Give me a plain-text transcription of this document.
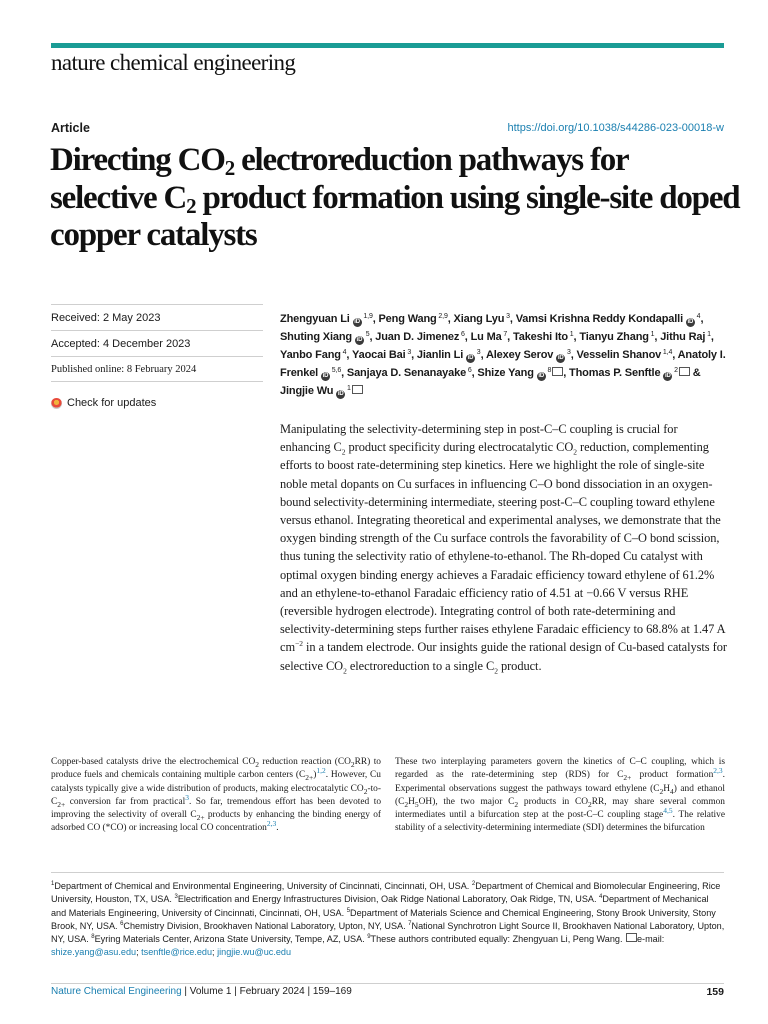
nature chemical engineering
Article	https://doi.org/10.1038/s44286-023-00018-w
Directing $CO_2$ electroreduction pathways for selective $C_2$ product formation using single-site doped copper catalysts
Received: 2 May 2023
Accepted: 4 December 2023
Published online: 8 February 2024
Check for updates
Zhengyuan Li iD $^{1,9}$, Peng Wang $^{2,9}$, Xiang Lyu $^3$, Vamsi Krishna Reddy Kondapalli iD $^4$, Shuting Xiang iD $^5$, Juan D. Jimenez $^6$, Lu Ma $^7$, Takeshi Ito $^1$, Tianyu Zhang $^1$, Jithu Raj $^1$, Yanbo Fang $^4$, Yaocai Bai $^3$, Jianlin Li iD $^3$, Alexey Serov iD $^3$, Vesselin Shanov $^{1,4}$, Anatoly I. Frenkel iD $^{5,6}$, Sanjaya D. Senanayake $^6$, Shize Yang iD $^8$ , Thomas P. Senftle iD $^2$ & Jingjie Wu iD $^1$

Manipulating the selectivity-determining step in post-C–C coupling is crucial for enhancing $C_2$ product specificity during electrocatalytic $CO_2$ reduction, complementing efforts to boost rate-determining step kinetics. Here we highlight the role of single-site noble metal dopants on Cu surfaces in influencing C–O bond dissociation in an oxygen-bound selectivity-determining intermediate, steering post-C–C coupling toward ethylene versus ethanol. Integrating theoretical and experimental analyses, we demonstrate that the oxygen binding strength of the Cu surface controls the favorability of C–O bond scission, thus tuning the selectivity ratio of ethylene-to-ethanol. The Rh-doped Cu catalyst with optimal oxygen binding energy achieves a Faradaic efficiency toward ethylene of 61.2% and an ethylene-to-ethanol Faradaic efficiency ratio of 4.51 at −0.66 V versus RHE (reversible hydrogen electrode). Integrating control of both rate-determining and selectivity-determining steps further raises ethylene Faradaic efficiency to 68.8% at 1.47 A $cm^{-2}$ in a tandem electrode. Our insights guide the rational design of Cu-based catalysts for selective $CO_2$ electroreduction to a single $C_2$ product.

Copper-based catalysts drive the electrochemical $CO_2$ reduction reaction $(CO_2RR)$ to produce fuels and chemicals containing multiple carbon centers $(C_{2+})^{1,2}$. However, Cu catalysts typically give a wide distribution of products, making electrocatalytic $CO_2-to-C_{2+}$ conversion far from practical$^3$. So far, tremendous effort has been devoted to improving the selectivity of overall $C_{2+}$ products by enhancing the binding energy of adsorbed CO (*CO) or increasing local CO concentration$^{2,3}$.

These two interplaying parameters govern the kinetics of C–C coupling, which is regarded as the rate-determining step (RDS) for $C_{2+}$ product formation$^{2,3}$. Experimental observations suggest the pathways toward ethylene $(C_2H_4)$ and ethanol $(C_2H_5OH)$, the two major $C_2$ products in $CO_2RR$, may share several common intermediates until a bifurcation step at the post-C–C coupling stage$^{4,5}$. The relative stability of a selectivity-determining intermediate (SDI) determines the bifurcation

$^1$Department of Chemical and Environmental Engineering, University of Cincinnati, Cincinnati, OH, USA. $^2$Department of Chemical and Biomolecular Engineering, Rice University, Houston, TX, USA. $^3$Electrification and Energy Infrastructures Division, Oak Ridge National Laboratory, Oak Ridge, TN, USA. $^4$Department of Mechanical and Materials Engineering, University of Cincinnati, Cincinnati, OH, USA. $^5$Department of Materials Science and Chemical Engineering, Stony Brook University, Stony Brook, NY, USA. $^6$Chemistry Division, Brookhaven National Laboratory, Upton, NY, USA. $^7$National Synchrotron Light Source II, Brookhaven National Laboratory, Upton, NY, USA. $^8$Eyring Materials Center, Arizona State University, Tempe, AZ, USA. $^9$These authors contributed equally: Zhengyuan Li, Peng Wang. e-mail: shize.yang@asu.edu; tsenftle@rice.edu; jingjie.wu@uc.edu

Nature Chemical Engineering | Volume 1 | February 2024 | 159–169	159
